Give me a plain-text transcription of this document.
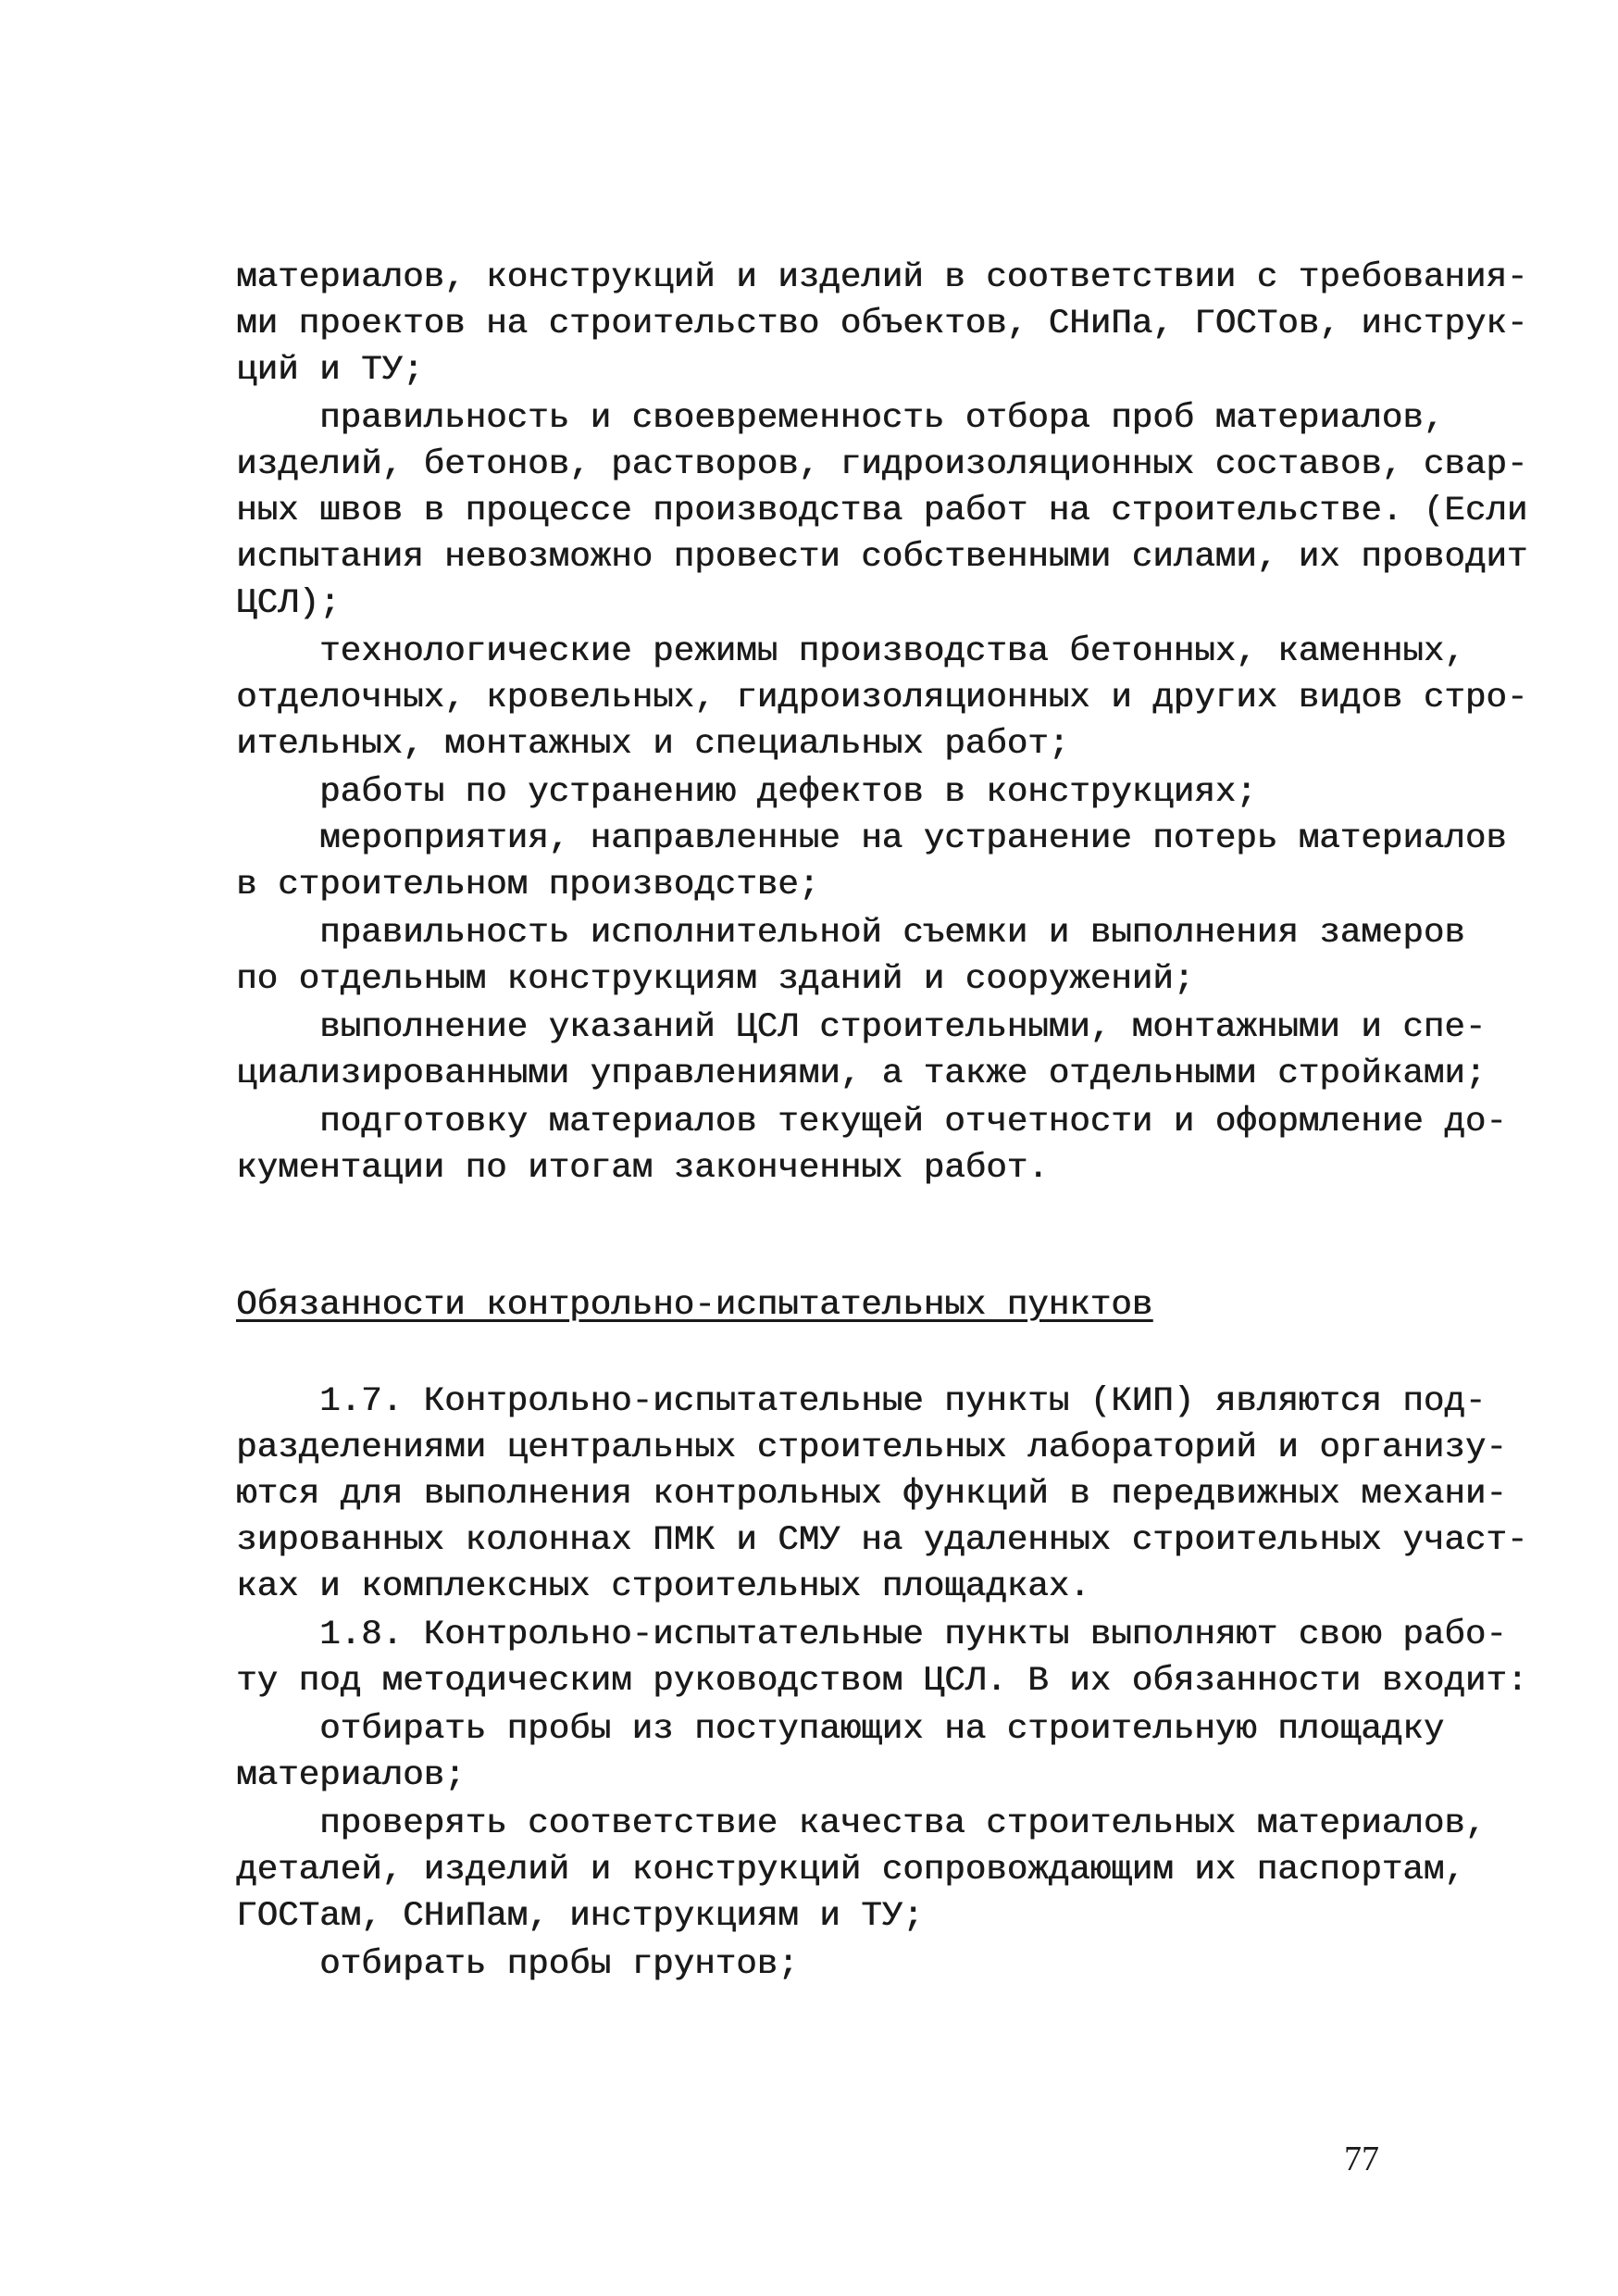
материалов, конструкций и изделий в соответствии с требования-
ми проектов на строительство объектов, СНиПа, ГОСТов, инструк-
ций и ТУ;
правильность и своевременность отбора проб материалов,
изделий, бетонов, растворов, гидроизоляционных составов, свар-
ных швов в процессе производства работ на строительстве. (Если
испытания невозможно провести собственными силами, их проводит
ЦСЛ);
технологические режимы производства бетонных, каменных,
отделочных, кровельных, гидроизоляционных и других видов стро-
ительных, монтажных и специальных работ;
работы по устранению дефектов в конструкциях;
мероприятия, направленные на устранение потерь материалов
в строительном производстве;
правильность исполнительной съемки и выполнения замеров
по отдельным конструкциям зданий и сооружений;
выполнение указаний ЦСЛ строительными, монтажными и спе-
циализированными управлениями, а также отдельными стройками;
подготовку материалов текущей отчетности и оформление до-
кументации по итогам законченных работ.
Обязанности контрольно-испытательных пунктов
1.7. Контрольно-испытательные пункты (КИП) являются под-
разделениями центральных строительных лабораторий и организу-
ются для выполнения контрольных функций в передвижных механи-
зированных колоннах ПМК и СМУ на удаленных строительных участ-
ках и комплексных строительных площадках.
1.8. Контрольно-испытательные пункты выполняют свою рабо-
ту под методическим руководством ЦСЛ. В их обязанности входит:
отбирать пробы из поступающих на строительную площадку
материалов;
проверять соответствие качества строительных материалов,
деталей, изделий и конструкций сопровождающим их паспортам,
ГОСТам, СНиПам, инструкциям и ТУ;
отбирать пробы грунтов;
77
